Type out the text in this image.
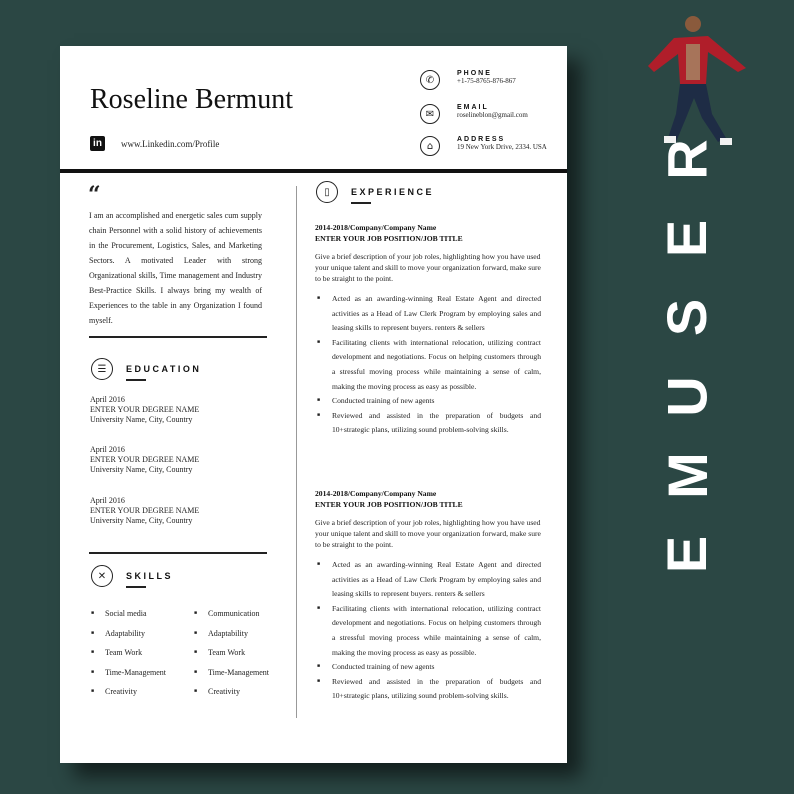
Roseline Bermunt
in	www.Linkedin.com/Profile
✆
PHONE
+1-75-8765-876-867
✉
EMAIL
roselineblon@gmail.com
⌂
ADDRESS
19 New York Drive, 2334. USA
“
I am an accomplished and energetic sales cum supply chain Personnel with a solid history of achievements in the Procurement, Logistics, Sales, and Marketing Sectors. A motivated Leader with strong Organizational skills, Time management and Industry Best-Practice Skills. I always bring my wealth of Experiences to the table in any Organization I found myself.
☰	EDUCATION
April 2016
ENTER YOUR DEGREE NAME
University Name, City, Country
April 2016
ENTER YOUR DEGREE NAME
University Name, City, Country
April 2016
ENTER YOUR DEGREE NAME
University Name, City, Country
✕	SKILLS
■ Social media
■ Adaptability
■ Team Work
■ Time-Management
■ Creativity
■ Communication
■ Adaptability
■ Team Work
■ Time-Management
■ Creativity
▯	EXPERIENCE
2014-2018/Company/Company Name
ENTER YOUR JOB POSITION/JOB TITLE
Give a brief description of your job roles, highlighting how you have used your unique talent and skill to move your organization forward, make sure to be straight to the point.
■ Acted as an awarding-winning Real Estate Agent and directed activities as a Head of Law Clerk Program by employing sales and leasing skills to represent buyers. renters & sellers
■ Facilitating clients with international relocation, utilizing contract development and negotiations. Focus on helping customers through a stressful moving process while maintaining a sense of calm, making the moving process as easy as possible.
■ Conducted training of new agents
■ Reviewed and assisted in the preparation of budgets and 10+strategic plans, utilizing sound problem-solving skills.
2014-2018/Company/Company Name
ENTER YOUR JOB POSITION/JOB TITLE
Give a brief description of your job roles, highlighting how you have used your unique talent and skill to move your organization forward, make sure to be straight to the point.
■ Acted as an awarding-winning Real Estate Agent and directed activities as a Head of Law Clerk Program by employing sales and leasing skills to represent buyers. renters & sellers
■ Facilitating clients with international relocation, utilizing contract development and negotiations. Focus on helping customers through a stressful moving process while maintaining a sense of calm, making the moving process as easy as possible.
■ Conducted training of new agents
■ Reviewed and assisted in the preparation of budgets and 10+strategic plans, utilizing sound problem-solving skills.
R
E
S
U
M
E
